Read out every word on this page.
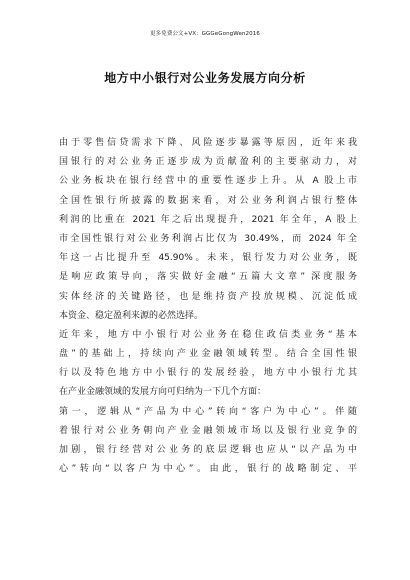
更多免费公文+VX：GGGeGongWen2016
地方中小银行对公业务发展方向分析
由于零售信贷需求下降、风险逐步暴露等原因，近年来我
国银行的对公业务正逐步成为贡献盈利的主要驱动力，对
公业务板块在银行经营中的重要性逐步上升。从 A 股上市
全国性银行所披露的数据来看，对公业务利润占银行整体
利润的比重在 2021 年之后出现提升，2021 年全年，A 股上
市全国性银行对公业务利润占比仅为 30.49%，而 2024 年全
年这一占比提升至 45.90%。未来，银行发力对公业务，既
是响应政策导向，落实做好金融“五篇大文章” 深度服务
实体经济的关键路径，也是维持资产投放规模、沉淀低成
本资金、稳定盈利来源的必然选择。
近年来，地方中小银行对公业务在稳住政信类业务“基本
盘”的基础上，持续向产业金融领域转型。结合全国性银
行以及特色地方中小银行的发展经验，地方中小银行尤其
在产业金融领域的发展方向可归纳为一下几个方面：
第一，逻辑从“产品为中心”转向“客户为中心”。伴随
着银行对公业务朝向产业金融领域市场以及银行业竞争的
加剧，银行经营对公业务的底层逻辑也应从“以产品为中
心”转向“以客户为中心”。由此，银行的战略制定、平
